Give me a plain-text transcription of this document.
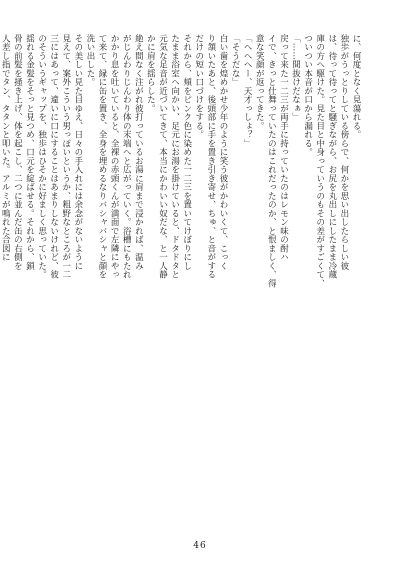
に、何度となく見蕩れる。
独歩がうっとりしている傍らで、何かを思い出したらしい彼
は、待って待ってと騒ぎながら、お尻を丸出しにしたまま冷蔵
庫の方へ駆けた。見た目と中身っていうのもその差がすごくて、
ついつい本音が口から漏れる。
「……間抜けだなぁ」
戻って来た一二三が両手に持っていたのはレモン味の酎ハ
イで、きっと仕舞っていたのはこれだったのか、と恨ましく、得
意な笑顔が返ってきた。
「へへへー、天才っしょ？」
「そうだな」
白い歯を煌めかせ少年のように笑う彼がかわいくて、こっく
り頷いたあと、後頭部に手を置き引き寄せ、ちゅ、と音がする
だけの短い口づけをする。
それから、頬をピンク色に染めた一二三を置いてけぼりにし
たまま浴室へ向かい、足元にお湯を掛けていると、ドタドタと
元気な足音が近づいてきて、本当にかわいい奴だな、と一人静
かに肩を揺らした。
絶え間なく注がれ彼打っているお湯に肩まで浸かれば、温み
がじんわりじんわり体の末端へと広がっていく。浴槽にもたれ
かかり息を吐いていると、全裸の赤頭くんが満面で左隣にやっ
て来て、縁に缶を置き、全身を埋めるなりバシャバシャと顔を
洗い出した。
その美しい見た目ゆえ、日々の手入れには余念がないように
見えて、案外こういう男っぽいというか、粗野なところが一二
三にはあって、違いに口にすることはあまりしないけれど、彼
のそういうギャップを、独歩はひそかに好ましく思っていた。
揺れる金髪をそっと見つめ、口元を綻ばせる。それから、鎖
骨の前髪を掻き上げ、体を起こし、二つに並んだ缶の右側を
人差し指でタン、タタンと叩いた。アルミが鳴れた合図に
46
